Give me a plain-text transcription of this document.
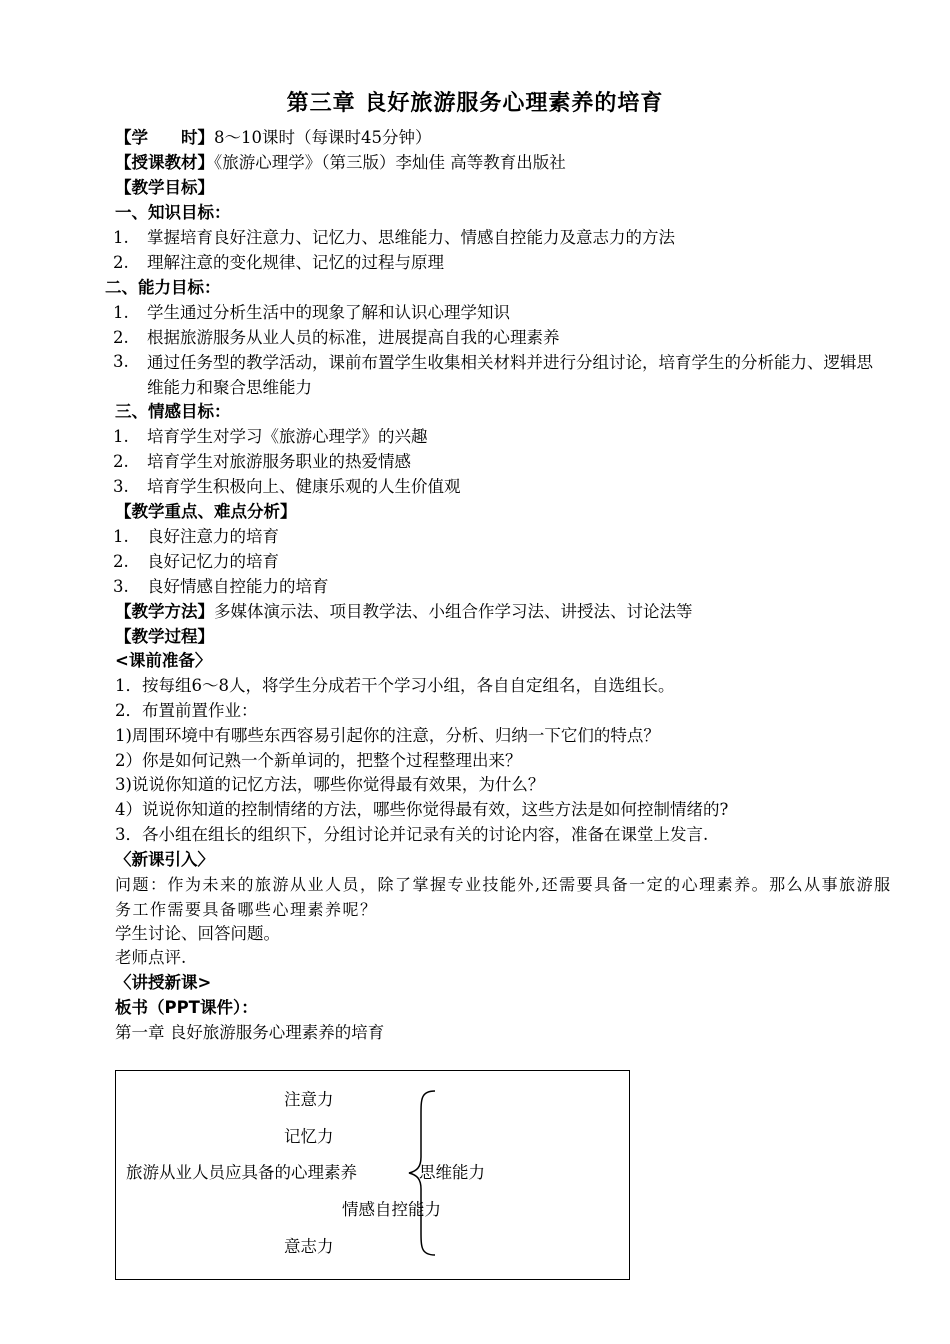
第三章 良好旅游服务心理素养的培育
【学　　时】8～10课时（每课时45分钟）
【授课教材】《旅游心理学》（第三版）李灿佳 高等教育出版社
【教学目标】
一、知识目标：
1. 掌握培育良好注意力、记忆力、思维能力、情感自控能力及意志力的方法
2. 理解注意的变化规律、记忆的过程与原理
二、能力目标：
1. 学生通过分析生活中的现象了解和认识心理学知识
2. 根据旅游服务从业人员的标准，进展提高自我的心理素养
3. 通过任务型的教学活动，课前布置学生收集相关材料并进行分组讨论，培育学生的分析能力、逻辑思维能力和聚合思维能力
三、情感目标：
1. 培育学生对学习《旅游心理学》的兴趣
2. 培育学生对旅游服务职业的热爱情感
3. 培育学生积极向上、健康乐观的人生价值观
【教学重点、难点分析】
1. 良好注意力的培育
2. 良好记忆力的培育
3. 良好情感自控能力的培育
【教学方法】多媒体演示法、项目教学法、小组合作学习法、讲授法、讨论法等
【教学过程】
<课前准备〉
1．按每组6～8人，将学生分成若干个学习小组，各自自定组名，自选组长。
2．布置前置作业：
1)周围环境中有哪些东西容易引起你的注意，分析、归纳一下它们的特点？
2）你是如何记熟一个新单词的，把整个过程整理出来？
3)说说你知道的记忆方法，哪些你觉得最有效果，为什么？
4）说说你知道的控制情绪的方法，哪些你觉得最有效，这些方法是如何控制情绪的?
3．各小组在组长的组织下，分组讨论并记录有关的讨论内容，准备在课堂上发言.
〈新课引入〉
问题：作为未来的旅游从业人员，除了掌握专业技能外,还需要具备一定的心理素养。那么从事旅游服务工作需要具备哪些心理素养呢？
学生讨论、回答问题。
老师点评.
〈讲授新课>
板书（PPT课件）：
第一章 良好旅游服务心理素养的培育
注意力
记忆力
旅游从业人员应具备的心理素养	思维能力
情感自控能力
意志力
